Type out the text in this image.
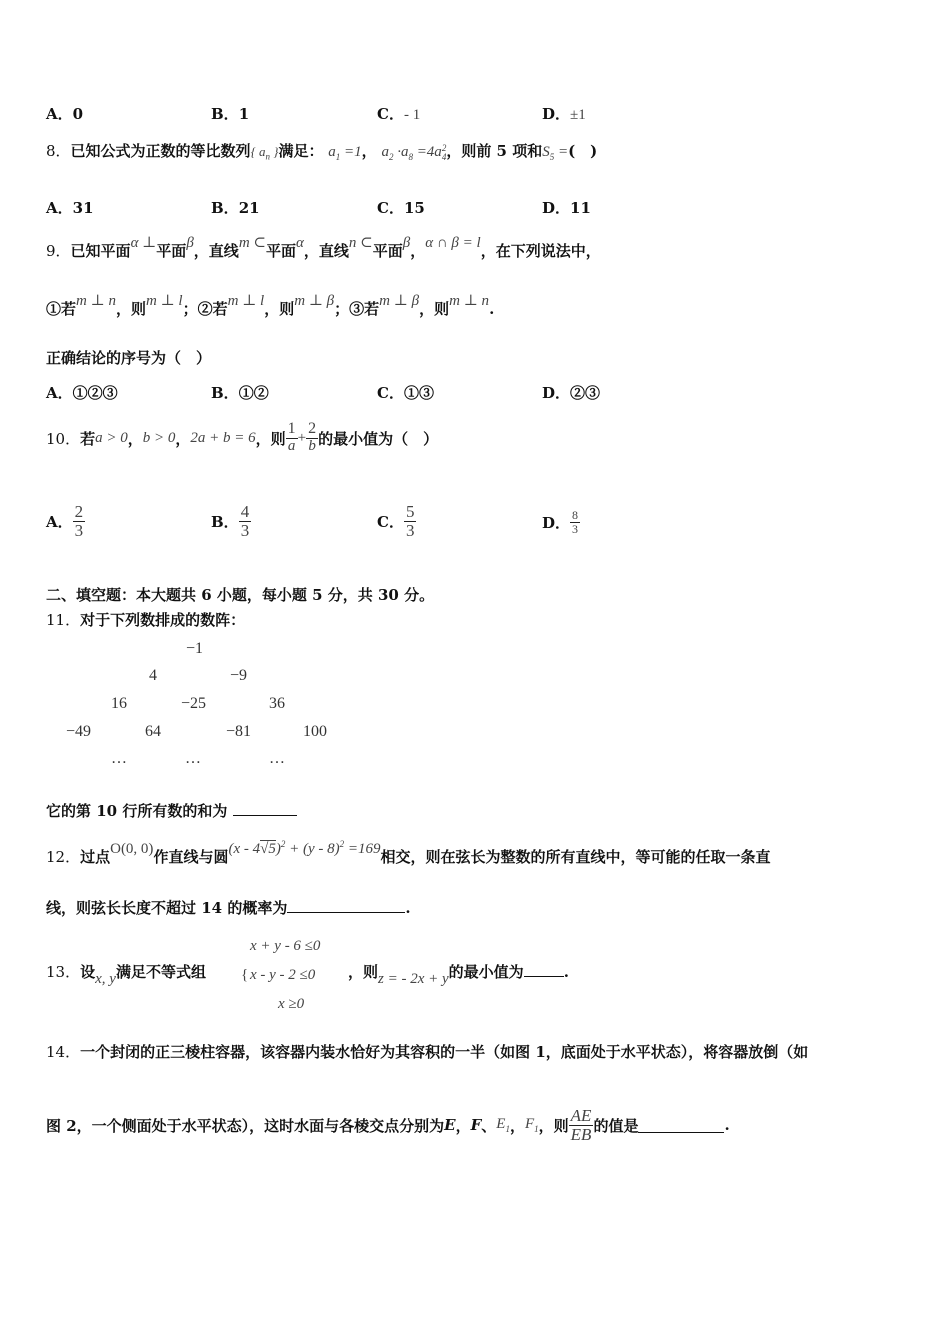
A．0	B．1	C．- 1	D．±1
8．已知公式为正数的等比数列{ $a_n$ }满足： $a_1 =1$， $a_2 \cdot a_8 =4a$ 2
4 ，则前 5 项和$S_5$ =(　)
A．31	B．21	C．15	D．11
9．已知平面α ⊥平面β，直线m ⊂平面α，直线n ⊂平面β，α ∩ β = l，在下列说法中，
①若m ⊥ n，则m ⊥ l；②若m ⊥ l，则m ⊥ β；③若m ⊥ β，则m ⊥ n.
正确结论的序号为（　）
A．①②③	B．①②	C．①③	D．②③
10． 若 a > 0 ， b > 0 ， 2a + b = 6 ，则 $\frac{1}{a} + \frac{2}{b}$ 的最小值为（　）
A． $\frac{2}{3}$	B． $\frac{4}{3}$	C． $\frac{5}{3}$	D． $\frac{8}{3}$
二、填空题：本大题共 6 小题，每小题 5 分，共 30 分。
11．对于下列数排成的数阵：
−1
4	−9
16	−25	36
−49	64	−81	100
…	…	…
它的第 10 行所有数的和为
12．过点O(0, 0)作直线与圆(x - 4√5)$^2$ + (y - 8)$^2$ =169相交，则在弦长为整数的所有直线中，等可能的任取一条直
线，则弦长长度不超过 14 的概率为	.
13．设x, y满足不等式组
x + y - 6 ≤0
{ x - y - 2 ≤0
x ≥0
，则z = - 2x + y的最小值为	.
14．一个封闭的正三棱柱容器，该容器内装水恰好为其容积的一半（如图 1，底面处于水平状态），将容器放倒（如
图 2，一个侧面处于水平状态），这时水面与各棱交点分别为 E ， F 、 $E_1$ ， $F_1$ ，则 $\frac{AE}{EB}$ 的值是	.
